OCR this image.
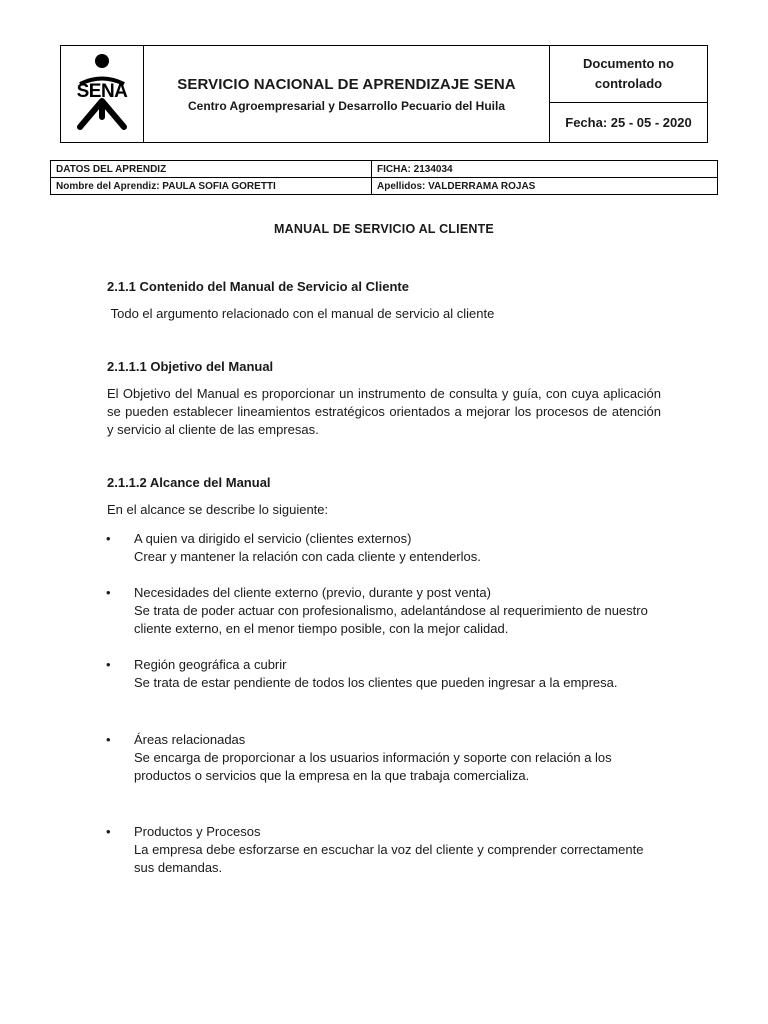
SENA	SERVICIO NACIONAL DE APRENDIZAJE SENA
Centro Agroempresarial y Desarrollo Pecuario del Huila

Documento no
controlado

Fecha: 25 - 05 - 2020
DATOS DEL APRENDIZ	FICHA: 2134034
Nombre del Aprendiz: PAULA SOFIA GORETTI	Apellidos: VALDERRAMA ROJAS
MANUAL DE SERVICIO AL CLIENTE
2.1.1 Contenido del Manual de Servicio al Cliente

Todo el argumento relacionado con el manual de servicio al cliente

2.1.1.1 Objetivo del Manual

El Objetivo del Manual es proporcionar un instrumento de consulta y guía, con cuya aplicación se pueden establecer lineamientos estratégicos orientados a mejorar los procesos de atención y servicio al cliente de las empresas.

2.1.1.2 Alcance del Manual

En el alcance se describe lo siguiente:

• A quien va dirigido el servicio (clientes externos)
Crear y mantener la relación con cada cliente y entenderlos.
• Necesidades del cliente externo (previo, durante y post venta)
Se trata de poder actuar con profesionalismo, adelantándose al requerimiento de nuestro cliente externo, en el menor tiempo posible, con la mejor calidad.
• Región geográfica a cubrir
Se trata de estar pendiente de todos los clientes que pueden ingresar a la empresa.
• Áreas relacionadas
Se encarga de proporcionar a los usuarios información y soporte con relación a los productos o servicios que la empresa en la que trabaja comercializa.
• Productos y Procesos
La empresa debe esforzarse en escuchar la voz del cliente y comprender correctamente sus demandas.
